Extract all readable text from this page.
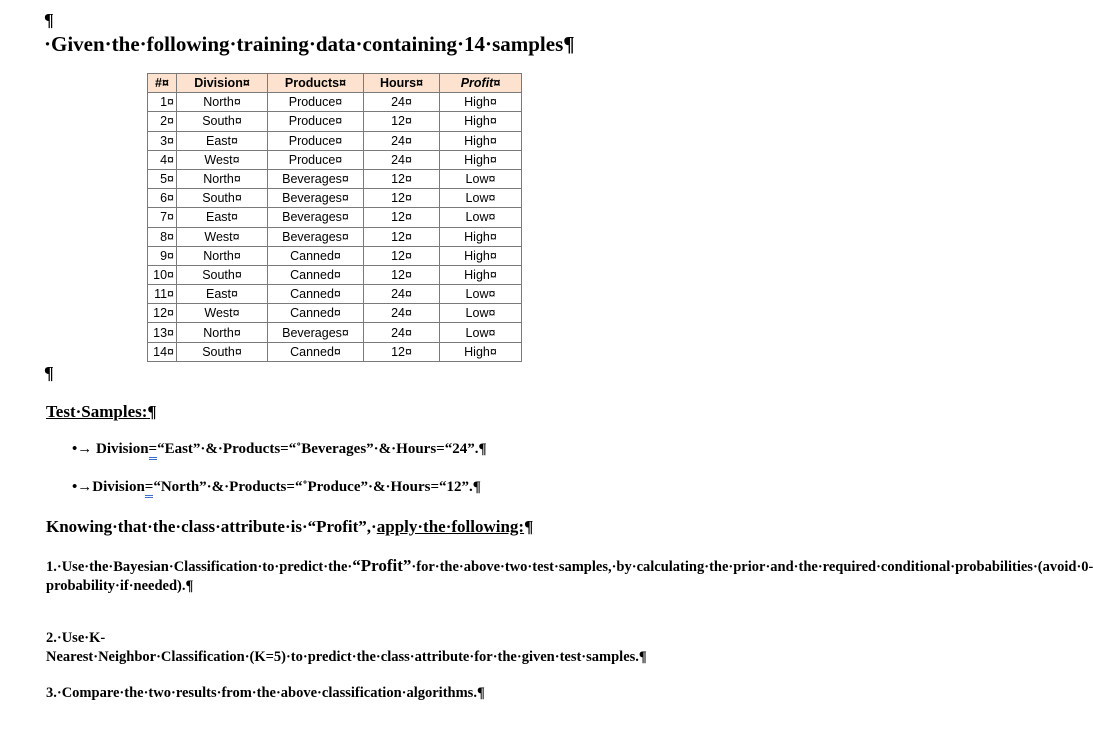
¶
·Given·the·following·training·data·containing·14·samples¶
#¤	Division¤	Products¤	Hours¤	Profit¤
1¤	North¤	Produce¤	24¤	High¤
2¤	South¤	Produce¤	12¤	High¤
3¤	East¤	Produce¤	24¤	High¤
4¤	West¤	Produce¤	24¤	High¤
5¤	North¤	Beverages¤	12¤	Low¤
6¤	South¤	Beverages¤	12¤	Low¤
7¤	East¤	Beverages¤	12¤	Low¤
8¤	West¤	Beverages¤	12¤	High¤
9¤	North¤	Canned¤	12¤	High¤
10¤	South¤	Canned¤	12¤	High¤
11¤	East¤	Canned¤	24¤	Low¤
12¤	West¤	Canned¤	24¤	Low¤
13¤	North¤	Beverages¤	24¤	Low¤
14¤	South¤	Canned¤	12¤	High¤
¶
Test·Samples:¶
•→ Division=“East”·&·Products=“˚Beverages”·&·Hours=“24”.¶
•→Division=“North”·&·Products=“˚Produce”·&·Hours=“12”.¶
Knowing·that·the·class·attribute·is·“Profit”,·apply·the·following:¶
1.·Use·the·Bayesian·Classification·to·predict·the·“Profit”·for·the·above·two·test·samples,·by·calculating·the·prior·and·the·required·conditional·probabilities·(avoid·0-probability·if·needed).¶
2.·Use·K-Nearest·Neighbor·Classification·(K=5)·to·predict·the·class·attribute·for·the·given·test·samples.¶
3.·Compare·the·two·results·from·the·above·classification·algorithms.¶
